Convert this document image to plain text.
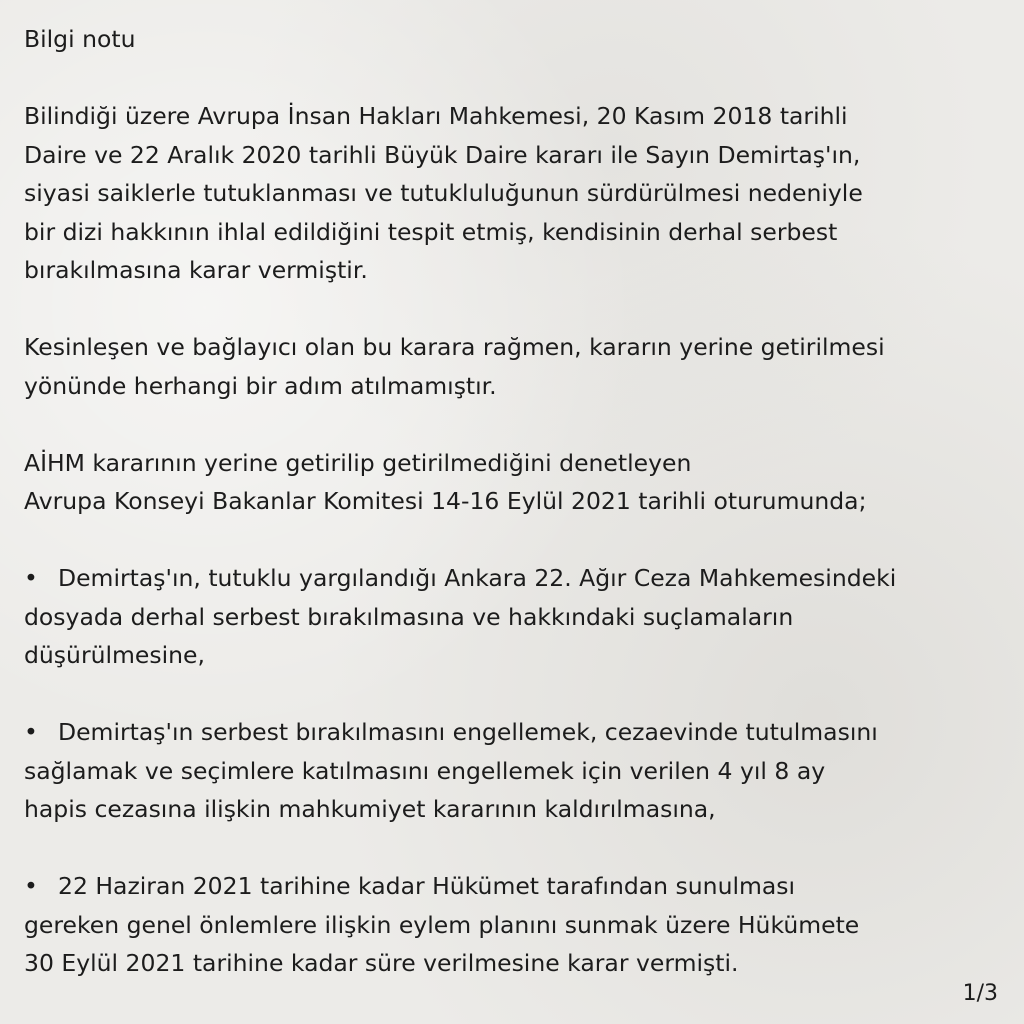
Bilgi notu
Bilindiği üzere Avrupa İnsan Hakları Mahkemesi, 20 Kasım 2018 tarihli
Daire ve 22 Aralık 2020 tarihli Büyük Daire kararı ile Sayın Demirtaş'ın,
siyasi saiklerle tutuklanması ve tutukluluğunun sürdürülmesi nedeniyle
bir dizi hakkının ihlal edildiğini tespit etmiş, kendisinin derhal serbest
bırakılmasına karar vermiştir.
Kesinleşen ve bağlayıcı olan bu karara rağmen, kararın yerine getirilmesi
yönünde herhangi bir adım atılmamıştır.
AİHM kararının yerine getirilip getirilmediğini denetleyen
Avrupa Konseyi Bakanlar Komitesi 14-16 Eylül 2021 tarihli oturumunda;
• Demirtaş'ın, tutuklu yargılandığı Ankara 22. Ağır Ceza Mahkemesindeki
dosyada derhal serbest bırakılmasına ve hakkındaki suçlamaların
düşürülmesine,
• Demirtaş'ın serbest bırakılmasını engellemek, cezaevinde tutulmasını
sağlamak ve seçimlere katılmasını engellemek için verilen 4 yıl 8 ay
hapis cezasına ilişkin mahkumiyet kararının kaldırılmasına,
• 22 Haziran 2021 tarihine kadar Hükümet tarafından sunulması
gereken genel önlemlere ilişkin eylem planını sunmak üzere Hükümete
30 Eylül 2021 tarihine kadar süre verilmesine karar vermişti.
1/3
